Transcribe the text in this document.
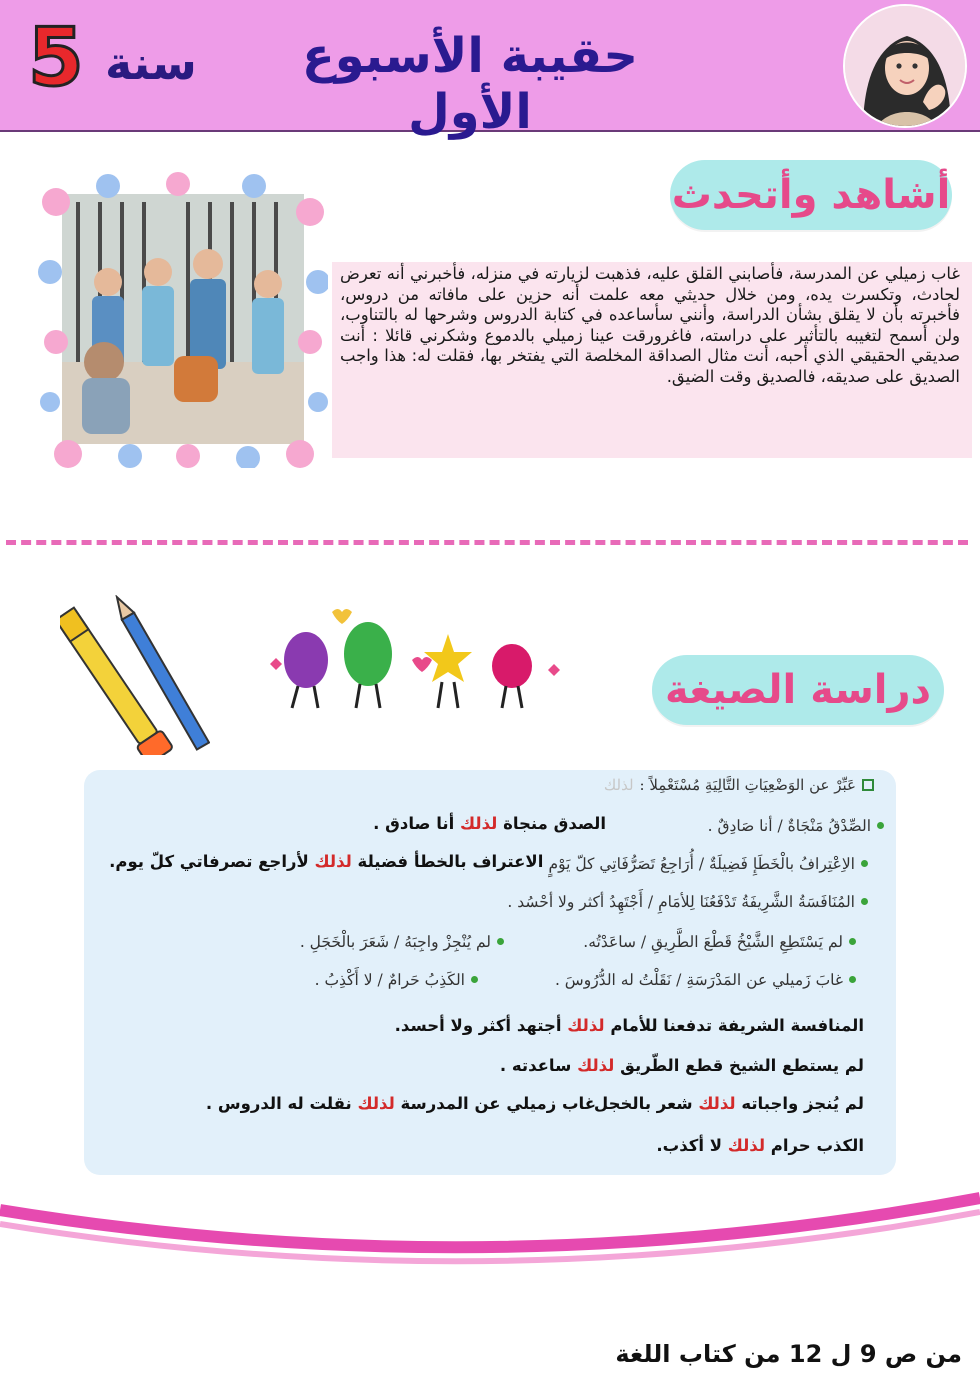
5 سنة	حقيبة الأسبوع الأول
أشاهد وأتحدث

غاب زميلي عن المدرسة، فأصابني القلق عليه، فذهبت لزيارته في منزله، فأخبرني أنه تعرض لحادث، وتكسرت يده، ومن خلال حديثي معه علمت أنه حزين على مافاته من دروس، فأخبرته بأن لا يقلق بشأن الدراسة، وأنني سأساعده في كتابة الدروس وشرحها له بالتناوب، ولن أسمح لتغيبه بالتأثير على دراسته، فاغرورقت عينا زميلي بالدموع وشكرني قائلا : أنت صديقي الحقيقي الذي أحبه، أنت مثال الصداقة المخلصة التي يفتخر بها، فقلت له: هذا واجب الصديق على صديقه، فالصديق وقت الضيق.

دراسة الصيغة
عَبِّرْ عن الوَضْعِيَاتِ التَّالِيَةِ مُسْتَعْمِلاً :
لذلك
الصِّدْقُ مَنْجَاةٌ / أنا صَادِقٌ .
الصدق منجاة لذلك أنا صادق .
الاِعْتِرافُ بالْخَطَإِ فَضِيلَةٌ / أُرَاجِعُ تَصَرُّفَاتِي كلّ يَوْمٍ
الاعتراف بالخطأ فضيلة لذلك لأراجع تصرفاتي كلّ يوم.
المُنَافَسَةُ الشَّرِيفَةُ تَدْفَعُنَا لِلأمَامِ / أَجْتَهِدُ أكثر ولا أحْسُد .
لم يَسْتَطِعِ الشَّيْخُ قَطْعَ الطَّرِيقِ / ساعَدْتُه.
لم يُنْجِزْ واجِبَهُ / شَعَرَ بالْخَجَلِ .
غابَ زَميلي عن المَدْرَسَةِ / نَقَلْتُ له الدُّرُوسَ .
الكَذِبُ حَرامٌ / لا أَكْذِبُ .
المنافسة الشريفة تدفعنا للأمام لذلك أجتهد أكثر ولا أحسد.
لم يستطع الشيخ قطع الطّريق لذلك ساعدته .
لم يُنجز واجباته لذلك شعر بالخجل
غاب زميلي عن المدرسة لذلك نقلت له الدروس .
الكذب حرام لذلك لا أكذب.
من ص 9 ل 12 من كتاب اللغة
